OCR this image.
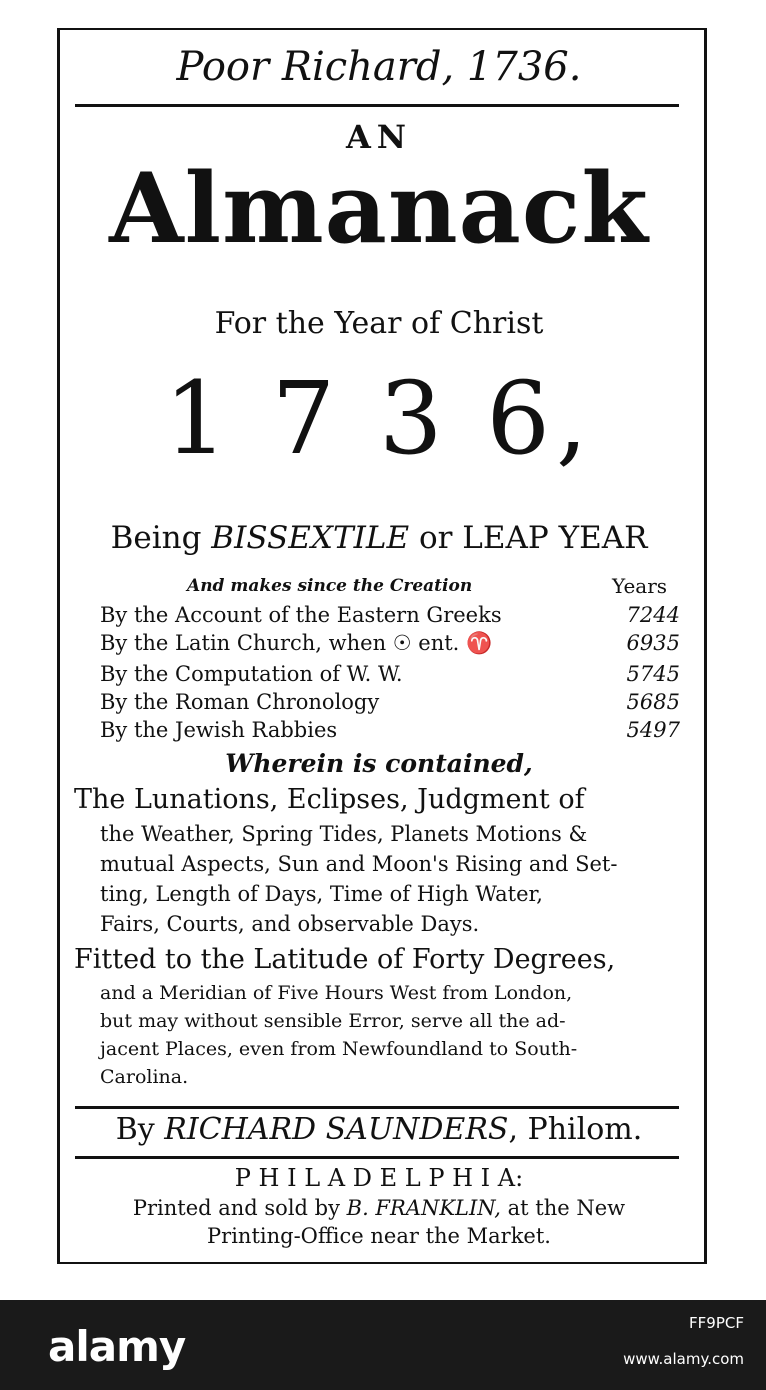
Poor Richard, 1736.
AN
Almanack
For the Year of Christ
1 7 3 6,
Being BISSEXTILE or LEAP YEAR
And makes since the Creation	Years
By the Account of the Eastern Greeks	7244
By the Latin Church, when ☉ ent. ♈	6935
By the Computation of W. W.	5745
By the Roman Chronology	5685
By the Jewish Rabbies	5497
Wherein is contained,
The Lunations, Eclipses, Judgment of
the Weather, Spring Tides, Planets Motions &
mutual Aspects, Sun and Moon's Rising and Set-
ting, Length of Days, Time of High Water,
Fairs, Courts, and observable Days.
Fitted to the Latitude of Forty Degrees,
and a Meridian of Five Hours West from London,
but may without sensible Error, serve all the ad-
jacent Places, even from Newfoundland to South-
Carolina.
By RICHARD SAUNDERS, Philom.
P H I L A D E L P H I A:
Printed and sold by B. FRANKLIN, at the New
Printing-Office near the Market.
alamy	FF9PCF
www.alamy.com
